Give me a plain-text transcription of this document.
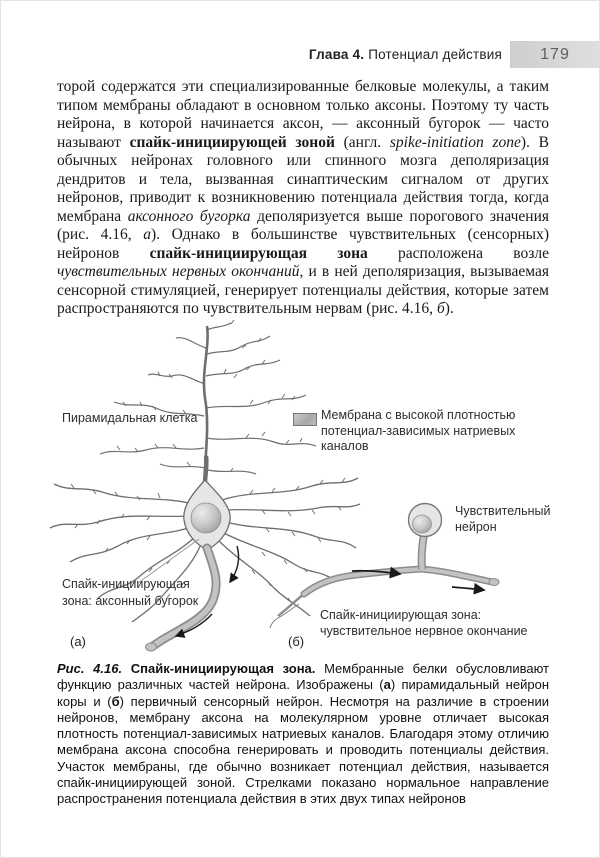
Глава 4. Потенциал действия 179
торой содержатся эти специализированные белковые молекулы, а таким типом мембраны обладают в основном только аксоны. Поэтому ту часть нейрона, в которой начинается аксон, — аксонный бугорок — часто называют спайк-инициирующей зоной (англ. spike-initiation zone). В обычных нейронах головного или спинного мозга деполяризация дендритов и тела, вызванная синаптическим сигналом от других нейронов, приводит к возникновению потенциала действия тогда, когда мембрана аксонного бугорка деполяризуется выше порогового значения (рис. 4.16, а). Однако в большинстве чувствительных (сенсорных) нейронов спайк-инициирующая зона расположена возле чувствительных нервных окончаний, и в ней деполяризация, вызываемая сенсорной стимуляцией, генерирует потенциалы действия, которые затем распространяются по чувствительным нервам (рис. 4.16, б).
Пирамидальная клетка	Мембрана с высокой плотностью потенциал-зависимых натриевых каналов
Чувствительный нейрон
Спайк-инициирующая зона: аксонный бугорок
Спайк-инициирующая зона: чувствительное нервное окончание
(а)	(б)
Рис. 4.16. Спайк-инициирующая зона. Мембранные белки обусловливают функцию различных частей нейрона. Изображены (а) пирамидальный нейрон коры и (б) первичный сенсорный нейрон. Несмотря на различие в строении нейронов, мембрану аксона на молекулярном уровне отличает высокая плотность потенциал-зависимых натриевых каналов. Благодаря этому отличию мембрана аксона способна генерировать и проводить потенциалы действия. Участок мембраны, где обычно возникает потенциал действия, называется спайк-инициирующей зоной. Стрелками показано нормальное направление распространения потенциала действия в этих двух типах нейронов
